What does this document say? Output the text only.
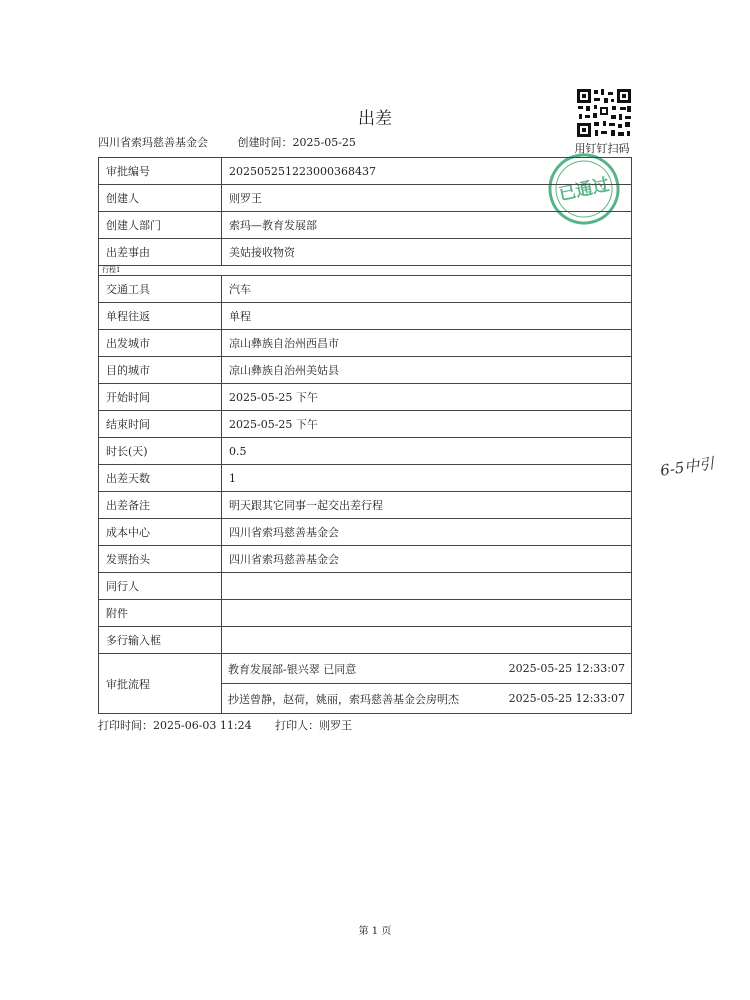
出差
四川省索玛慈善基金会	创建时间：2025-05-25	用钉钉扫码
已通过
审批编号	202505251223000368437
创建人	则罗王
创建人部门	索玛—教育发展部
出差事由	美姑接收物资
行程1	
交通工具	汽车
单程往返	单程
出发城市	凉山彝族自治州西昌市
目的城市	凉山彝族自治州美姑县
开始时间	2025-05-25 下午
结束时间	2025-05-25 下午
时长(天)	0.5
出差天数	1
出差备注	明天跟其它同事一起交出差行程
成本中心	四川省索玛慈善基金会
发票抬头	四川省索玛慈善基金会
同行人	
附件	
多行输入框	
审批流程	教育发展部-银兴翠 已同意 2025-05-25 12:33:07
抄送曾静，赵荷，姚丽，索玛慈善基金会房明杰 2025-05-25 12:33:07
打印时间：2025-06-03 11:24 打印人：则罗王
6-5中引
第 1 页
